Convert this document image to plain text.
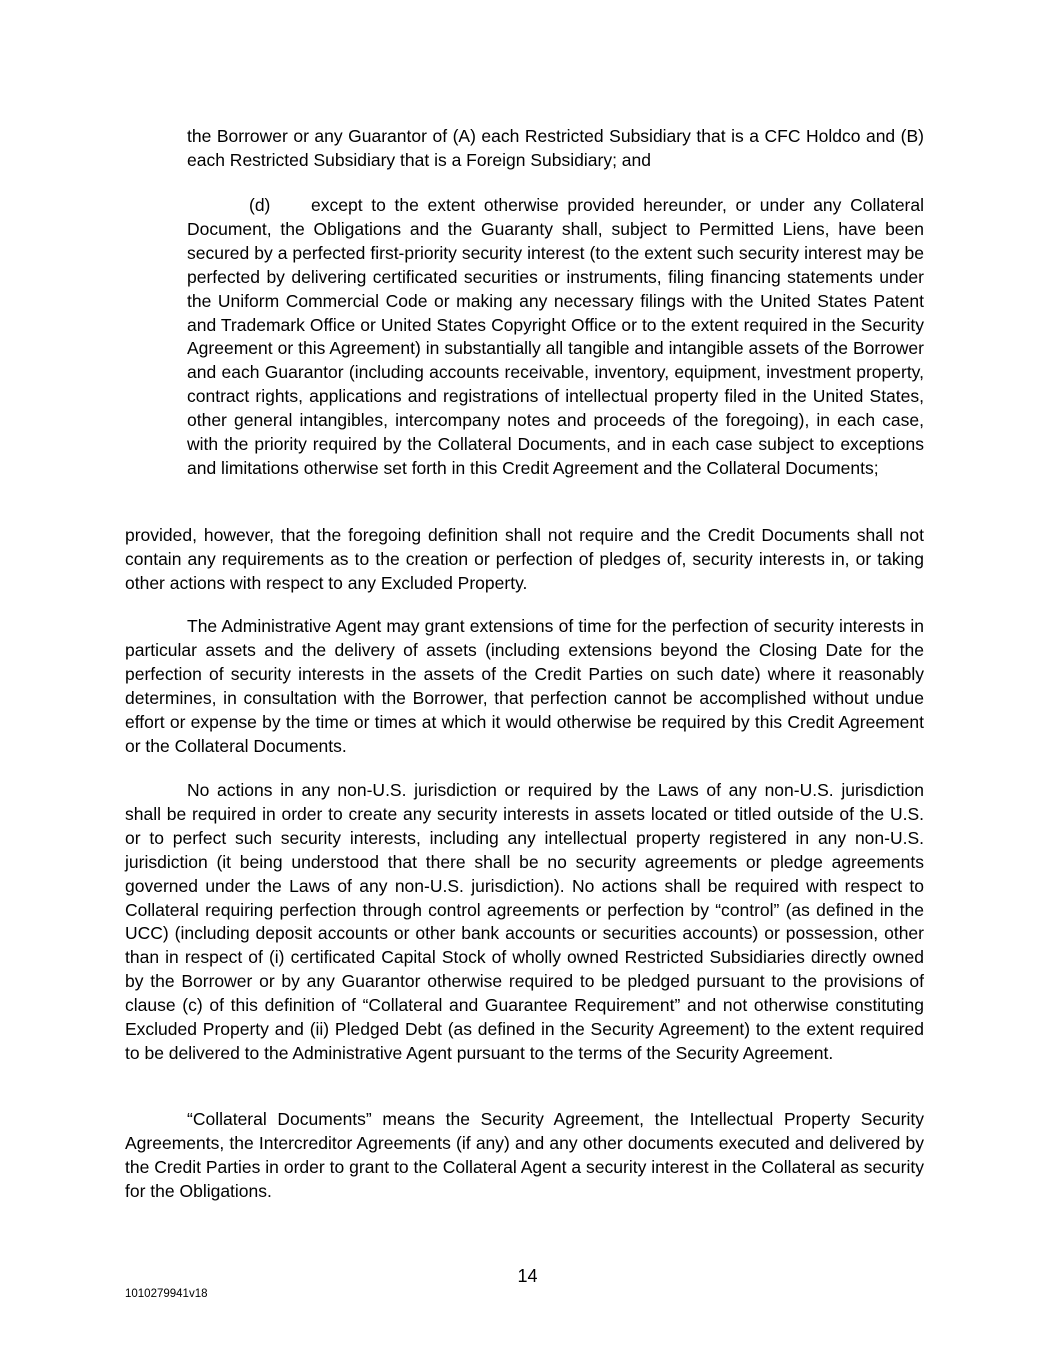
the Borrower or any Guarantor of (A) each Restricted Subsidiary that is a CFC Holdco and (B) each Restricted Subsidiary that is a Foreign Subsidiary; and

(d) except to the extent otherwise provided hereunder, or under any Collateral Document, the Obligations and the Guaranty shall, subject to Permitted Liens, have been secured by a perfected first-priority security interest (to the extent such security interest may be perfected by delivering certificated securities or instruments, filing financing statements under the Uniform Commercial Code or making any necessary filings with the United States Patent and Trademark Office or United States Copyright Office or to the extent required in the Security Agreement or this Agreement) in substantially all tangible and intangible assets of the Borrower and each Guarantor (including accounts receivable, inventory, equipment, investment property, contract rights, applications and registrations of intellectual property filed in the United States, other general intangibles, intercompany notes and proceeds of the foregoing), in each case, with the priority required by the Collateral Documents, and in each case subject to exceptions and limitations otherwise set forth in this Credit Agreement and the Collateral Documents;

provided, however, that the foregoing definition shall not require and the Credit Documents shall not contain any requirements as to the creation or perfection of pledges of, security interests in, or taking other actions with respect to any Excluded Property.

The Administrative Agent may grant extensions of time for the perfection of security interests in particular assets and the delivery of assets (including extensions beyond the Closing Date for the perfection of security interests in the assets of the Credit Parties on such date) where it reasonably determines, in consultation with the Borrower, that perfection cannot be accomplished without undue effort or expense by the time or times at which it would otherwise be required by this Credit Agreement or the Collateral Documents.

No actions in any non-U.S. jurisdiction or required by the Laws of any non-U.S. jurisdiction shall be required in order to create any security interests in assets located or titled outside of the U.S. or to perfect such security interests, including any intellectual property registered in any non-U.S. jurisdiction (it being understood that there shall be no security agreements or pledge agreements governed under the Laws of any non-U.S. jurisdiction). No actions shall be required with respect to Collateral requiring perfection through control agreements or perfection by “control” (as defined in the UCC) (including deposit accounts or other bank accounts or securities accounts) or possession, other than in respect of (i) certificated Capital Stock of wholly owned Restricted Subsidiaries directly owned by the Borrower or by any Guarantor otherwise required to be pledged pursuant to the provisions of clause (c) of this definition of “Collateral and Guarantee Requirement” and not otherwise constituting Excluded Property and (ii) Pledged Debt (as defined in the Security Agreement) to the extent required to be delivered to the Administrative Agent pursuant to the terms of the Security Agreement.

“Collateral Documents” means the Security Agreement, the Intellectual Property Security Agreements, the Intercreditor Agreements (if any) and any other documents executed and delivered by the Credit Parties in order to grant to the Collateral Agent a security interest in the Collateral as security for the Obligations.

14
1010279941v18
